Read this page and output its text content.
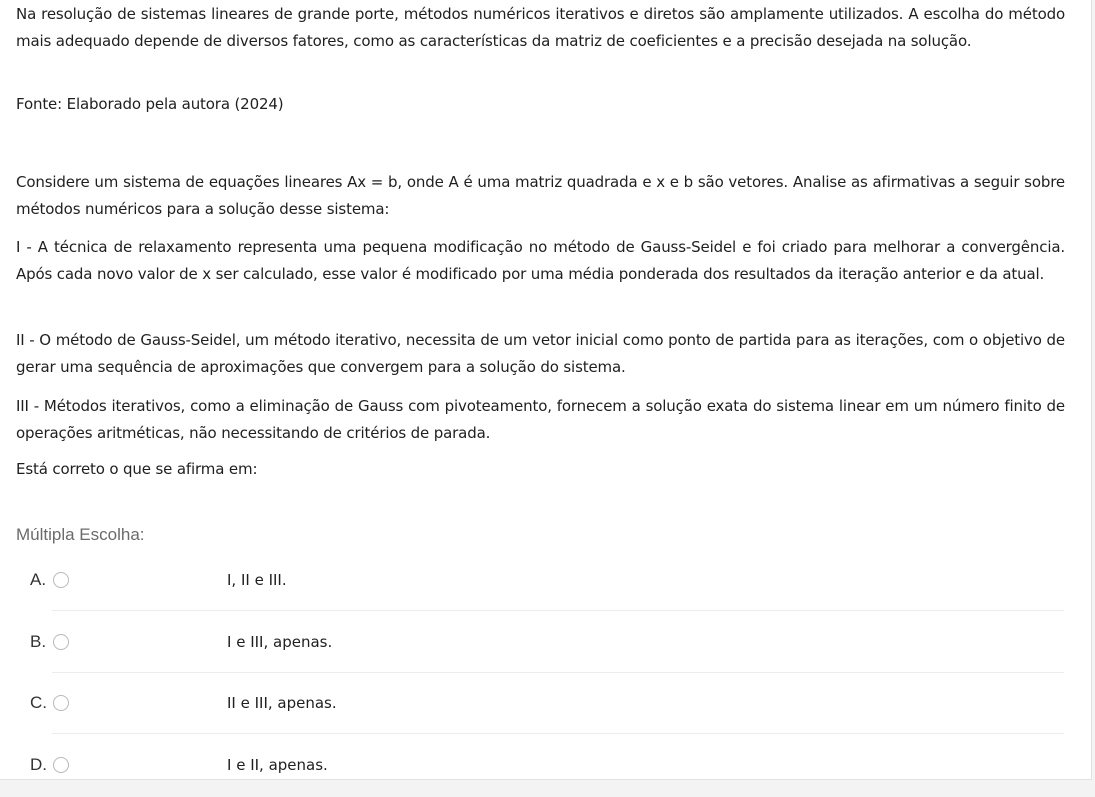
Na resolução de sistemas lineares de grande porte, métodos numéricos iterativos e diretos são amplamente utilizados. A escolha do método mais adequado depende de diversos fatores, como as características da matriz de coeficientes e a precisão desejada na solução.

Fonte: Elaborado pela autora (2024)

Considere um sistema de equações lineares Ax = b, onde A é uma matriz quadrada e x e b são vetores. Analise as afirmativas a seguir sobre métodos numéricos para a solução desse sistema:

I - A técnica de relaxamento representa uma pequena modificação no método de Gauss-Seidel e foi criado para melhorar a convergência. Após cada novo valor de x ser calculado, esse valor é modificado por uma média ponderada dos resultados da iteração anterior e da atual.

II - O método de Gauss-Seidel, um método iterativo, necessita de um vetor inicial como ponto de partida para as iterações, com o objetivo de gerar uma sequência de aproximações que convergem para a solução do sistema.

III - Métodos iterativos, como a eliminação de Gauss com pivoteamento, fornecem a solução exata do sistema linear em um número finito de operações aritméticas, não necessitando de critérios de parada.

Está correto o que se afirma em:

Múltipla Escolha:
A.	I, II e III.
B.	I e III, apenas.
C.	II e III, apenas.
D.	I e II, apenas.
